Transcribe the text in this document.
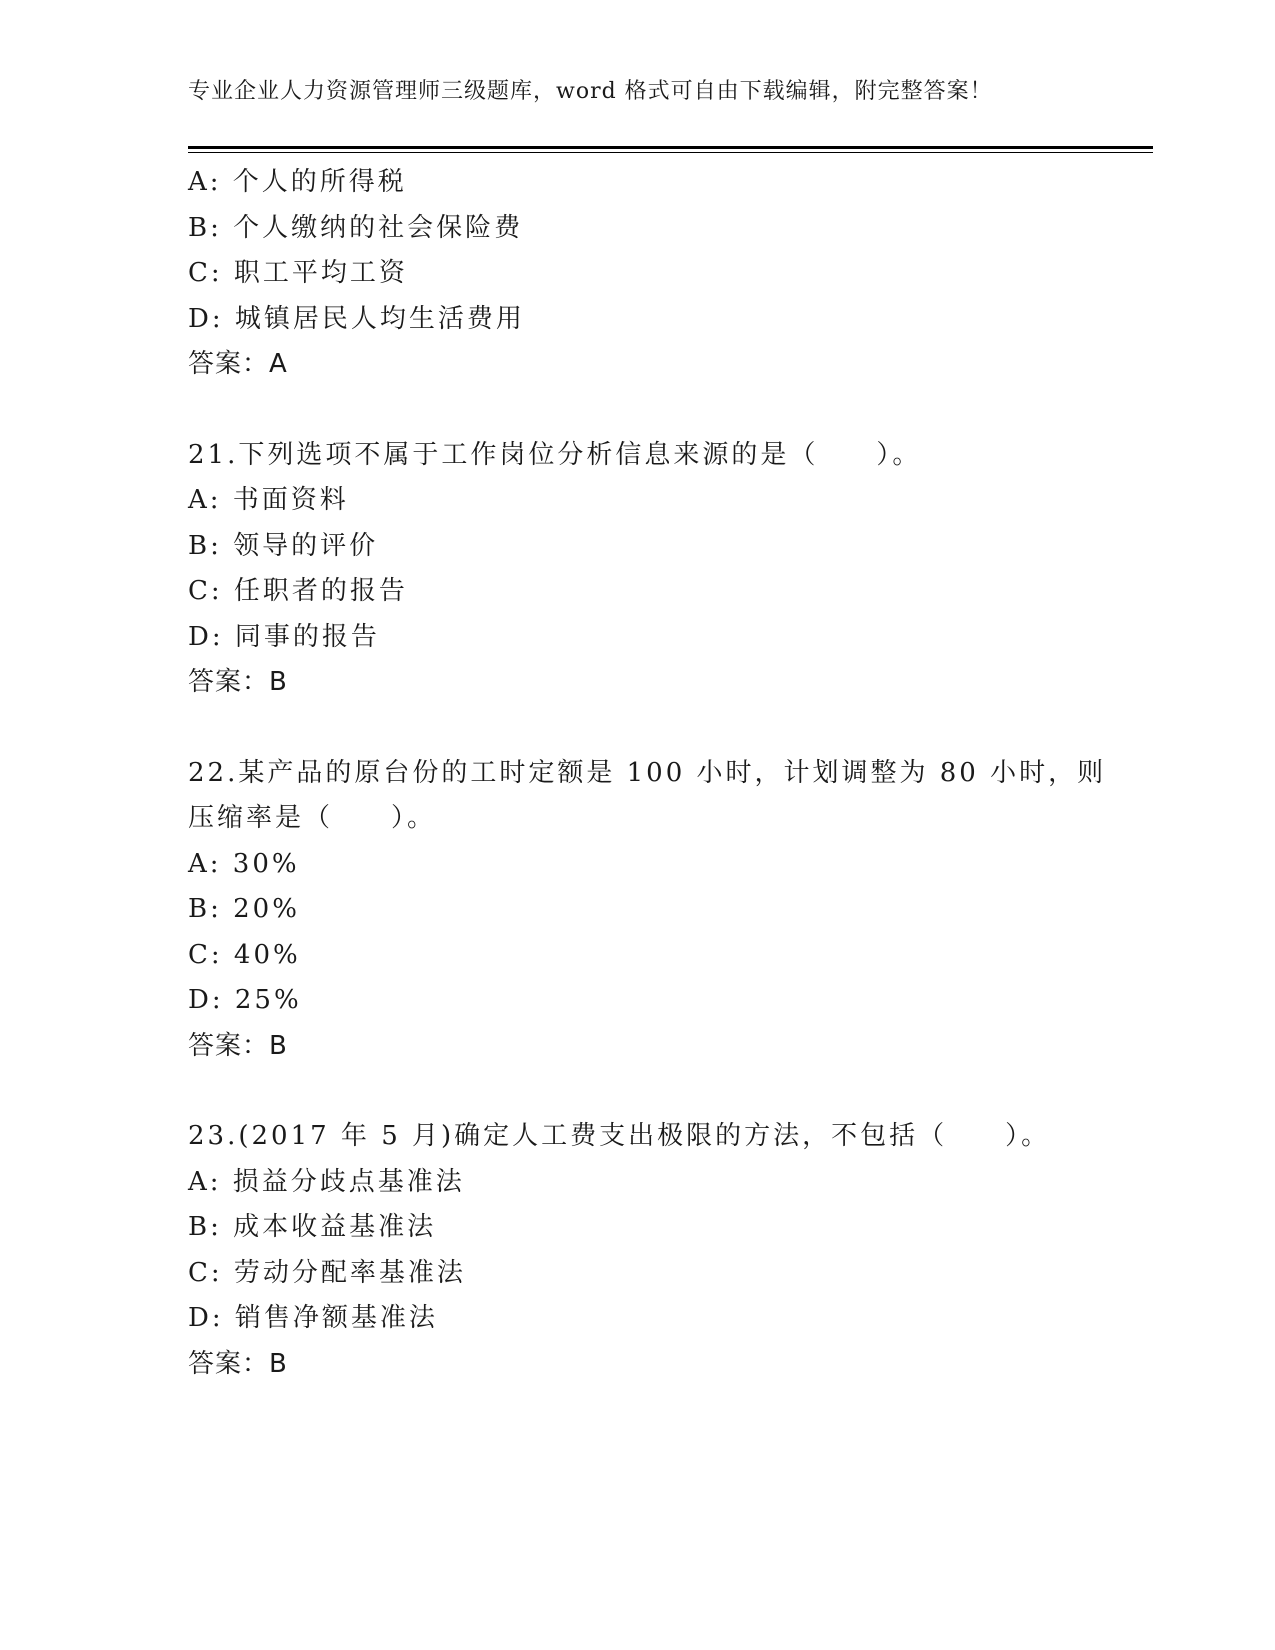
专业企业人力资源管理师三级题库，word 格式可自由下载编辑，附完整答案！
A: 个人的所得税
B: 个人缴纳的社会保险费
C: 职工平均工资
D: 城镇居民人均生活费用
答案：A
21.下列选项不属于工作岗位分析信息来源的是（　　）。
A: 书面资料
B: 领导的评价
C: 任职者的报告
D: 同事的报告
答案：B
22.某产品的原台份的工时定额是 100 小时，计划调整为 80 小时，则
压缩率是（　　）。
A: 30%
B: 20%
C: 40%
D: 25%
答案：B
23.(2017 年 5 月)确定人工费支出极限的方法，不包括（　　）。
A: 损益分歧点基准法
B: 成本收益基准法
C: 劳动分配率基准法
D: 销售净额基准法
答案：B
